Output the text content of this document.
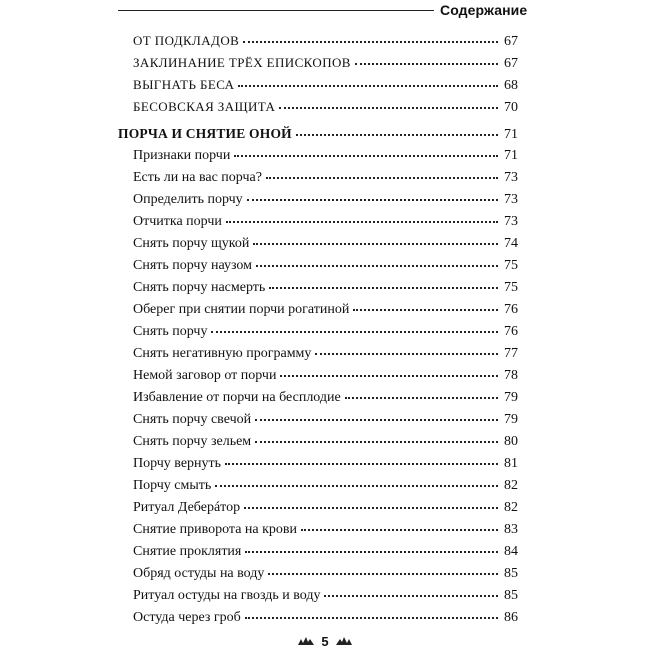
Содержание
ОТ ПОДКЛАДОВ	67
ЗАКЛИНАНИЕ ТРЁХ ЕПИСКОПОВ	67
ВЫГНАТЬ БЕСА	68
БЕСОВСКАЯ ЗАЩИТА	70
ПОРЧА И СНЯТИЕ ОНОЙ	71
Признаки порчи	71
Есть ли на вас порча?	73
Определить порчу	73
Отчитка порчи	73
Снять порчу щукой	74
Снять порчу наузом	75
Снять порчу насмерть	75
Оберег при снятии порчи рогатиной	76
Снять порчу	76
Снять негативную программу	77
Немой заговор от порчи	78
Избавление от порчи на бесплодие	79
Снять порчу свечой	79
Снять порчу зельем	80
Порчу вернуть	81
Порчу смыть	82
Ритуал Деберáтор	82
Снятие приворота на крови	83
Снятие проклятия	84
Обряд остуды на воду	85
Ритуал остуды на гвоздь и воду	85
Остуда через гроб	86
5
